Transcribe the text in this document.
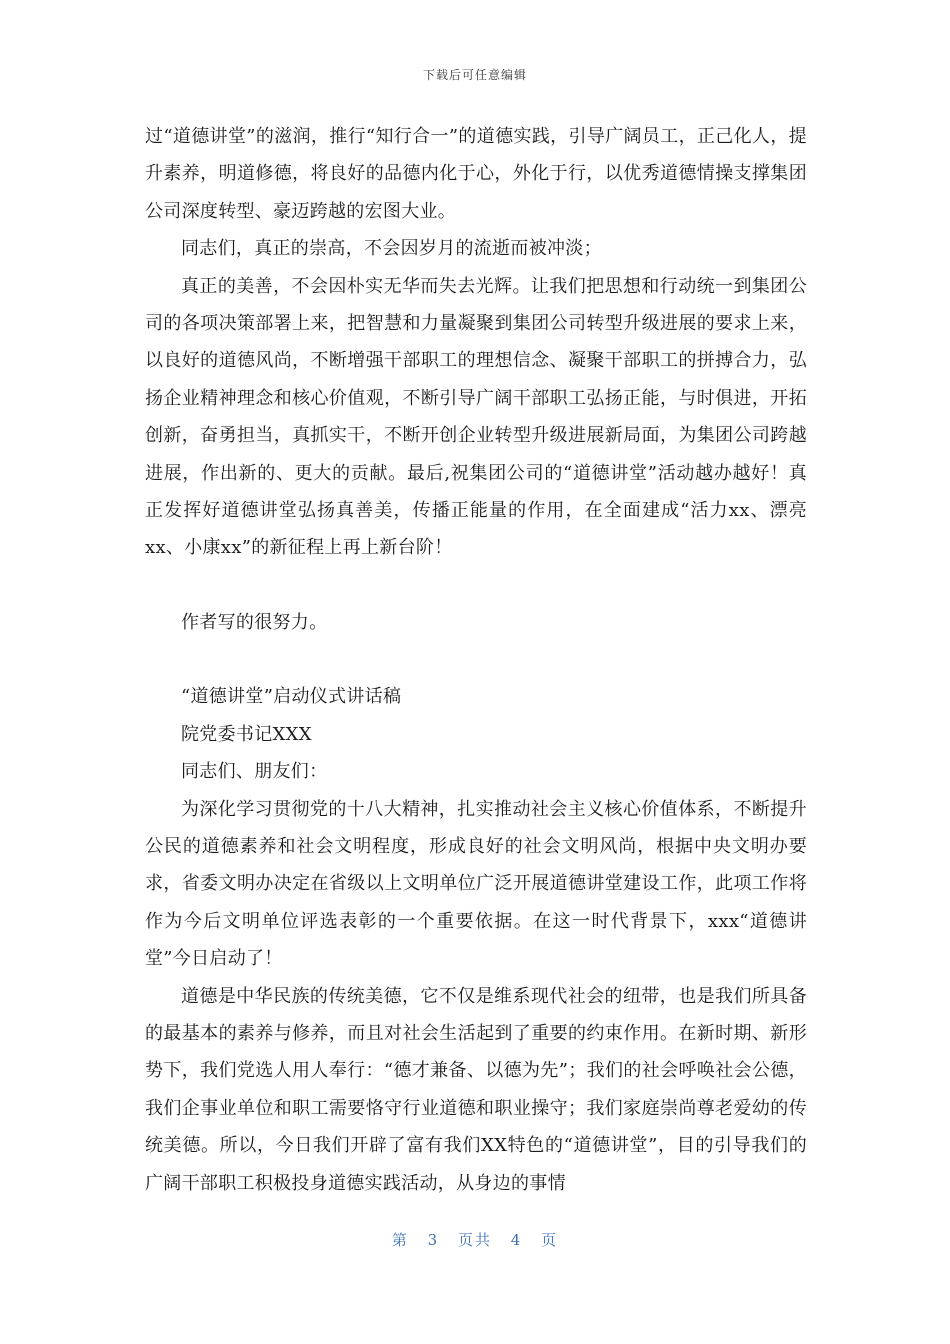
下载后可任意编辑

过“道德讲堂”的滋润，推行“知行合一”的道德实践，引导广阔员工，正己化人，提升素养，明道修德，将良好的品德内化于心，外化于行，以优秀道德情操支撑集团公司深度转型、豪迈跨越的宏图大业。

同志们，真正的崇高，不会因岁月的流逝而被冲淡；

真正的美善，不会因朴实无华而失去光辉。让我们把思想和行动统一到集团公司的各项决策部署上来，把智慧和力量凝聚到集团公司转型升级进展的要求上来，以良好的道德风尚，不断增强干部职工的理想信念、凝聚干部职工的拼搏合力，弘扬企业精神理念和核心价值观，不断引导广阔干部职工弘扬正能，与时俱进，开拓创新，奋勇担当，真抓实干，不断开创企业转型升级进展新局面，为集团公司跨越进展，作出新的、更大的贡献。最后,祝集团公司的“道德讲堂”活动越办越好！真正发挥好道德讲堂弘扬真善美，传播正能量的作用，在全面建成“活力xx、漂亮xx、小康xx”的新征程上再上新台阶！

作者写的很努力。

“道德讲堂”启动仪式讲话稿

院党委书记XXX

同志们、朋友们：

为深化学习贯彻党的十八大精神，扎实推动社会主义核心价值体系，不断提升公民的道德素养和社会文明程度，形成良好的社会文明风尚，根据中央文明办要求，省委文明办决定在省级以上文明单位广泛开展道德讲堂建设工作，此项工作将作为今后文明单位评选表彰的一个重要依据。在这一时代背景下，xxx“道德讲堂”今日启动了！

道德是中华民族的传统美德，它不仅是维系现代社会的纽带，也是我们所具备的最基本的素养与修养，而且对社会生活起到了重要的约束作用。在新时期、新形势下，我们党选人用人奉行：“德才兼备、以德为先”；我们的社会呼唤社会公德，我们企事业单位和职工需要恪守行业道德和职业操守；我们家庭崇尚尊老爱幼的传统美德。所以，今日我们开辟了富有我们XX特色的“道德讲堂”，目的引导我们的广阔干部职工积极投身道德实践活动，从身边的事情

第 3 页共 4 页
